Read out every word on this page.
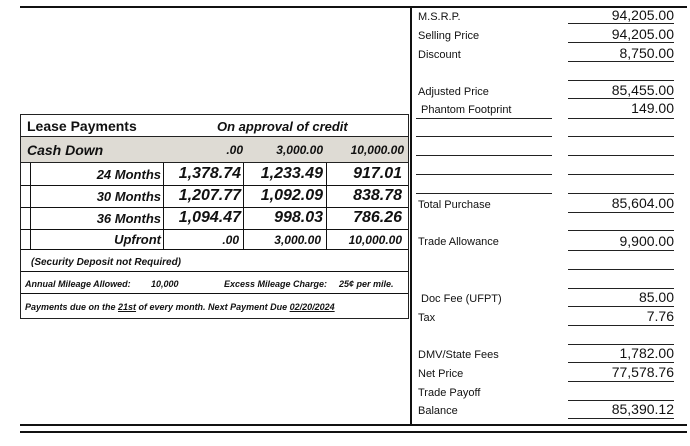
Lease Payments	On approval of credit
Cash Down	.00	3,000.00 10,000.00
24 Months 1,378.74 1,233.49 917.01
30 Months 1,207.77 1,092.09 838.78
36 Months 1,094.47 998.03 786.26
Upfront	.00	3,000.00 10,000.00
(Security Deposit not Required)
Annual Mileage Allowed: 10,000	Excess Mileage Charge: 25¢ per mile.
Payments due on the 21st of every month. Next Payment Due 02/20/2024
M.S.R.P.	94,205.00
Selling Price	94,205.00
Discount	8,750.00
Adjusted Price	85,455.00
Phantom Footprint	149.00
Total Purchase	85,604.00
Trade Allowance	9,900.00
Doc Fee (UFPT)	85.00
Tax	7.76
DMV/State Fees	1,782.00
Net Price	77,578.76
Trade Payoff
Balance	85,390.12
